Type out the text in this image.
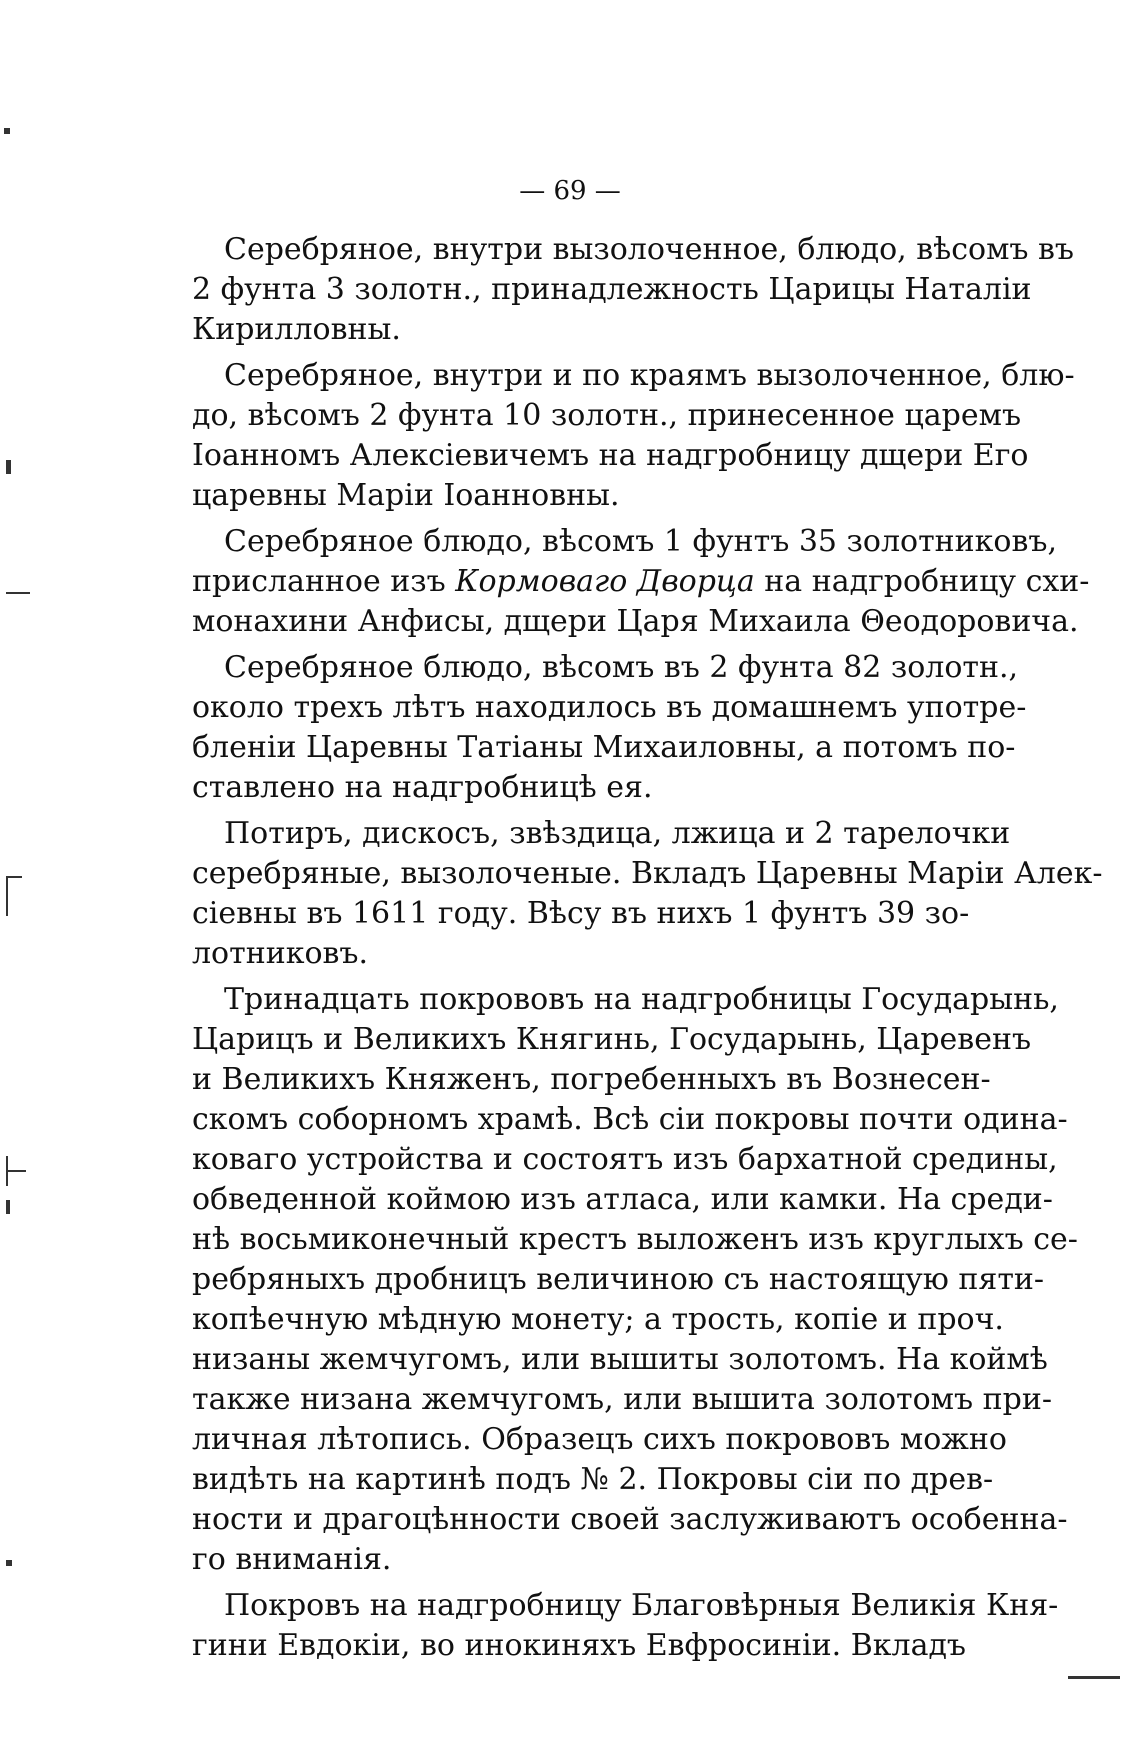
— 69 —
Серебряное, внутри вызолоченное, блюдо, вѣсомъ въ
2 фунта 3 золотн., принадлежность Царицы Наталіи
Кирилловны.
Серебряное, внутри и по краямъ вызолоченное, блю-
до, вѣсомъ 2 фунта 10 золотн., принесенное царемъ
Іоанномъ Алексіевичемъ на надгробницу дщери Его
царевны Маріи Іоанновны.
Серебряное блюдо, вѣсомъ 1 фунтъ 35 золотниковъ,
присланное изъ Кормоваго Дворца на надгробницу схи-
монахини Анфисы, дщери Царя Михаила Θеодоровича.
Серебряное блюдо, вѣсомъ въ 2 фунта 82 золотн.,
около трехъ лѣтъ находилось въ домашнемъ употре-
бленіи Царевны Татіаны Михаиловны, а потомъ по-
ставлено на надгробницѣ ея.
Потиръ, дискосъ, звѣздица, лжица и 2 тарелочки
серебряные, вызолоченые. Вкладъ Царевны Маріи Алек-
сіевны въ 1611 году. Вѣсу въ нихъ 1 фунтъ 39 зо-
лотниковъ.
Тринадцать покрововъ на надгробницы Государынь,
Царицъ и Великихъ Княгинь, Государынь, Царевенъ
и Великихъ Княженъ, погребенныхъ въ Вознесен-
скомъ соборномъ храмѣ. Всѣ сіи покровы почти одина-
коваго устройства и состоятъ изъ бархатной средины,
обведенной коймою изъ атласа, или камки. На среди-
нѣ восьмиконечный крестъ выложенъ изъ круглыхъ се-
ребряныхъ дробницъ величиною съ настоящую пяти-
копѣечную мѣдную монету; а трость, копіе и проч.
низаны жемчугомъ, или вышиты золотомъ. На коймѣ
также низана жемчугомъ, или вышита золотомъ при-
личная лѣтопись. Образецъ сихъ покрововъ можно
видѣть на картинѣ подъ № 2. Покровы сіи по древ-
ности и драгоцѣнности своей заслуживаютъ особенна-
го вниманія.
Покровъ на надгробницу Благовѣрныя Великія Кня-
гини Евдокіи, во инокиняхъ Евфросиніи. Вкладъ
